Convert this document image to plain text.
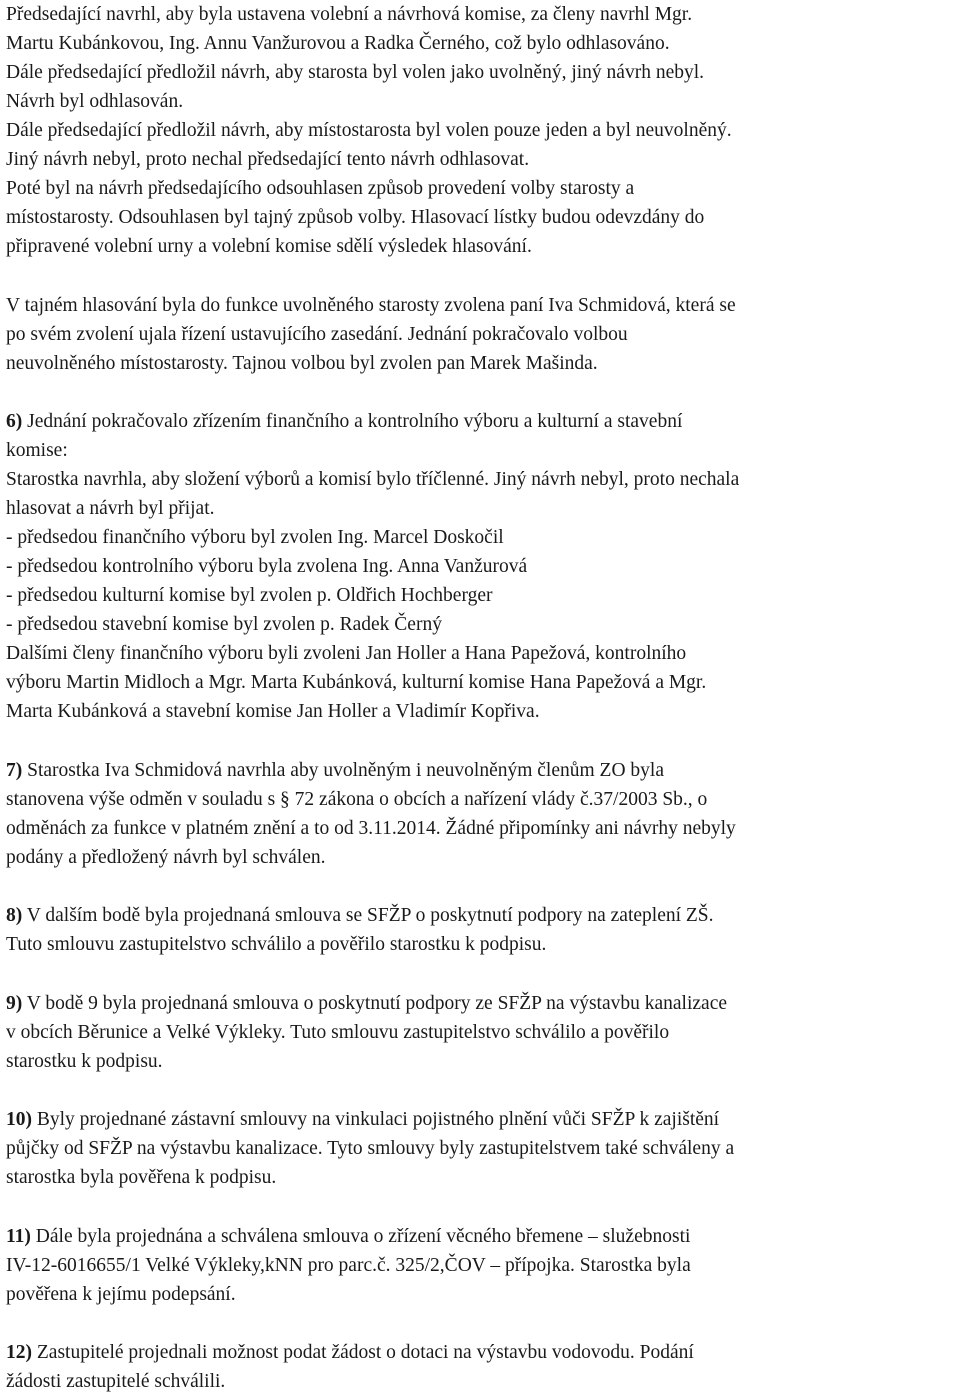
Předsedající navrhl, aby byla ustavena volební a návrhová komise, za členy navrhl Mgr.
Martu Kubánkovou, Ing. Annu Vanžurovou a Radka Černého, což bylo odhlasováno.
Dále předsedající předložil návrh, aby starosta byl volen jako uvolněný, jiný návrh nebyl.
Návrh byl odhlasován.
Dále předsedající předložil návrh, aby místostarosta byl volen pouze jeden a byl neuvolněný.
Jiný návrh nebyl, proto nechal předsedající tento návrh odhlasovat.
Poté byl na návrh předsedajícího odsouhlasen způsob provedení volby starosty a
místostarosty. Odsouhlasen byl tajný způsob volby. Hlasovací lístky budou odevzdány do
připravené volební urny a volební komise sdělí výsledek hlasování.
V tajném hlasování byla do funkce uvolněného starosty zvolena paní Iva Schmidová, která se
po svém zvolení ujala řízení ustavujícího zasedání. Jednání pokračovalo volbou
neuvolněného místostarosty. Tajnou volbou byl zvolen pan Marek Mašinda.
6) Jednání pokračovalo zřízením finančního a kontrolního výboru a kulturní a stavební
komise:
Starostka navrhla, aby složení výborů a komisí bylo tříčlenné. Jiný návrh nebyl, proto nechala
hlasovat a návrh byl přijat.
- předsedou finančního výboru byl zvolen Ing. Marcel Doskočil
- předsedou kontrolního výboru byla zvolena Ing. Anna Vanžurová
- předsedou kulturní komise byl zvolen p. Oldřich Hochberger
- předsedou stavební komise byl zvolen p. Radek Černý
Dalšími členy finančního výboru byli zvoleni Jan Holler a Hana Papežová, kontrolního
výboru Martin Midloch a Mgr. Marta Kubánková, kulturní komise Hana Papežová a Mgr.
Marta Kubánková a stavební komise Jan Holler a Vladimír Kopřiva.
7) Starostka Iva Schmidová navrhla aby uvolněným i neuvolněným členům ZO byla
stanovena výše odměn v souladu s § 72 zákona o obcích a nařízení vlády č.37/2003 Sb., o
odměnách za funkce v platném znění a to od 3.11.2014. Žádné připomínky ani návrhy nebyly
podány a předložený návrh byl schválen.
8) V dalším bodě byla projednaná smlouva se SFŽP o poskytnutí podpory na zateplení ZŠ.
Tuto smlouvu zastupitelstvo schválilo a pověřilo starostku k podpisu.
9) V bodě 9 byla projednaná smlouva o poskytnutí podpory ze SFŽP na výstavbu kanalizace
v obcích Běrunice a Velké Výkleky. Tuto smlouvu zastupitelstvo schválilo a pověřilo
starostku k podpisu.
10) Byly projednané zástavní smlouvy na vinkulaci pojistného plnění vůči SFŽP k zajištění
půjčky od SFŽP na výstavbu kanalizace. Tyto smlouvy byly zastupitelstvem také schváleny a
starostka byla pověřena k podpisu.
11) Dále byla projednána a schválena smlouva o zřízení věcného břemene – služebnosti
IV-12-6016655/1 Velké Výkleky,kNN pro parc.č. 325/2,ČOV – přípojka. Starostka byla
pověřena k jejímu podepsání.
12) Zastupitelé projednali možnost podat žádost o dotaci na výstavbu vodovodu. Podání
žádosti zastupitelé schválili.
